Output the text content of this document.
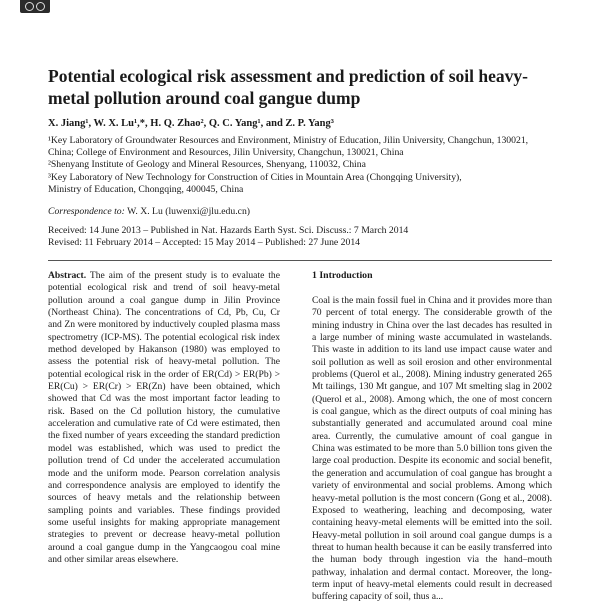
Potential ecological risk assessment and prediction of soil heavy-metal pollution around coal gangue dump
X. Jiang¹, W. X. Lu¹,*, H. Q. Zhao², Q. C. Yang¹, and Z. P. Yang³
¹Key Laboratory of Groundwater Resources and Environment, Ministry of Education, Jilin University, Changchun, 130021,
China; College of Environment and Resources, Jilin University, Changchun, 130021, China
²Shenyang Institute of Geology and Mineral Resources, Shenyang, 110032, China
³Key Laboratory of New Technology for Construction of Cities in Mountain Area (Chongqing University),
Ministry of Education, Chongqing, 400045, China
Correspondence to: W. X. Lu (luwenxi@jlu.edu.cn)
Received: 14 June 2013 – Published in Nat. Hazards Earth Syst. Sci. Discuss.: 7 March 2014
Revised: 11 February 2014 – Accepted: 15 May 2014 – Published: 27 June 2014

Abstract. The aim of the present study is to evaluate the potential ecological risk and trend of soil heavy-metal pollution around a coal gangue dump in Jilin Province (Northeast China). The concentrations of Cd, Pb, Cu, Cr and Zn were monitored by inductively coupled plasma mass spectrometry (ICP-MS). The potential ecological risk index method developed by Hakanson (1980) was employed to assess the potential risk of heavy-metal pollution. The potential ecological risk in the order of ER(Cd) > ER(Pb) > ER(Cu) > ER(Cr) > ER(Zn) have been obtained, which showed that Cd was the most important factor leading to risk. Based on the Cd pollution history, the cumulative acceleration and cumulative rate of Cd were estimated, then the fixed number of years exceeding the standard prediction model was established, which was used to predict the pollution trend of Cd under the accelerated accumulation mode and the uniform mode. Pearson correlation analysis and correspondence analysis are employed to identify the sources of heavy metals and the relationship between sampling points and variables. These findings provided some useful insights for making appropriate management strategies to prevent or decrease heavy-metal pollution around a coal gangue dump in the Yangcaogou coal mine and other similar areas elsewhere.

1 Introduction

Coal is the main fossil fuel in China and it provides more than 70 percent of total energy. The considerable growth of the mining industry in China over the last decades has resulted in a large number of mining waste accumulated in wastelands. This waste in addition to its land use impact cause water and soil pollution as well as soil erosion and other environmental problems (Querol et al., 2008). Mining industry generated 265 Mt tailings, 130 Mt gangue, and 107 Mt smelting slag in 2002 (Querol et al., 2008). Among which, the one of most concern is coal gangue, which as the direct outputs of coal mining has substantially generated and accumulated around coal mine area. Currently, the cumulative amount of coal gangue in China was estimated to be more than 5.0 billion tons given the large coal production. Despite its economic and social benefit, the generation and accumulation of coal gangue has brought a variety of environmental and social problems. Among which heavy-metal pollution is the most concern (Gong et al., 2008). Exposed to weathering, leaching and decomposing, water containing heavy-metal elements will be emitted into the soil. Heavy-metal pollution in soil around coal gangue dumps is a threat to human health because it can be easily transferred into the human body through ingestion via the hand–mouth pathway, inhalation and dermal contact. Moreover, the long-term input of heavy-metal elements could result in decreased buffering capacity of soil, thus a...
